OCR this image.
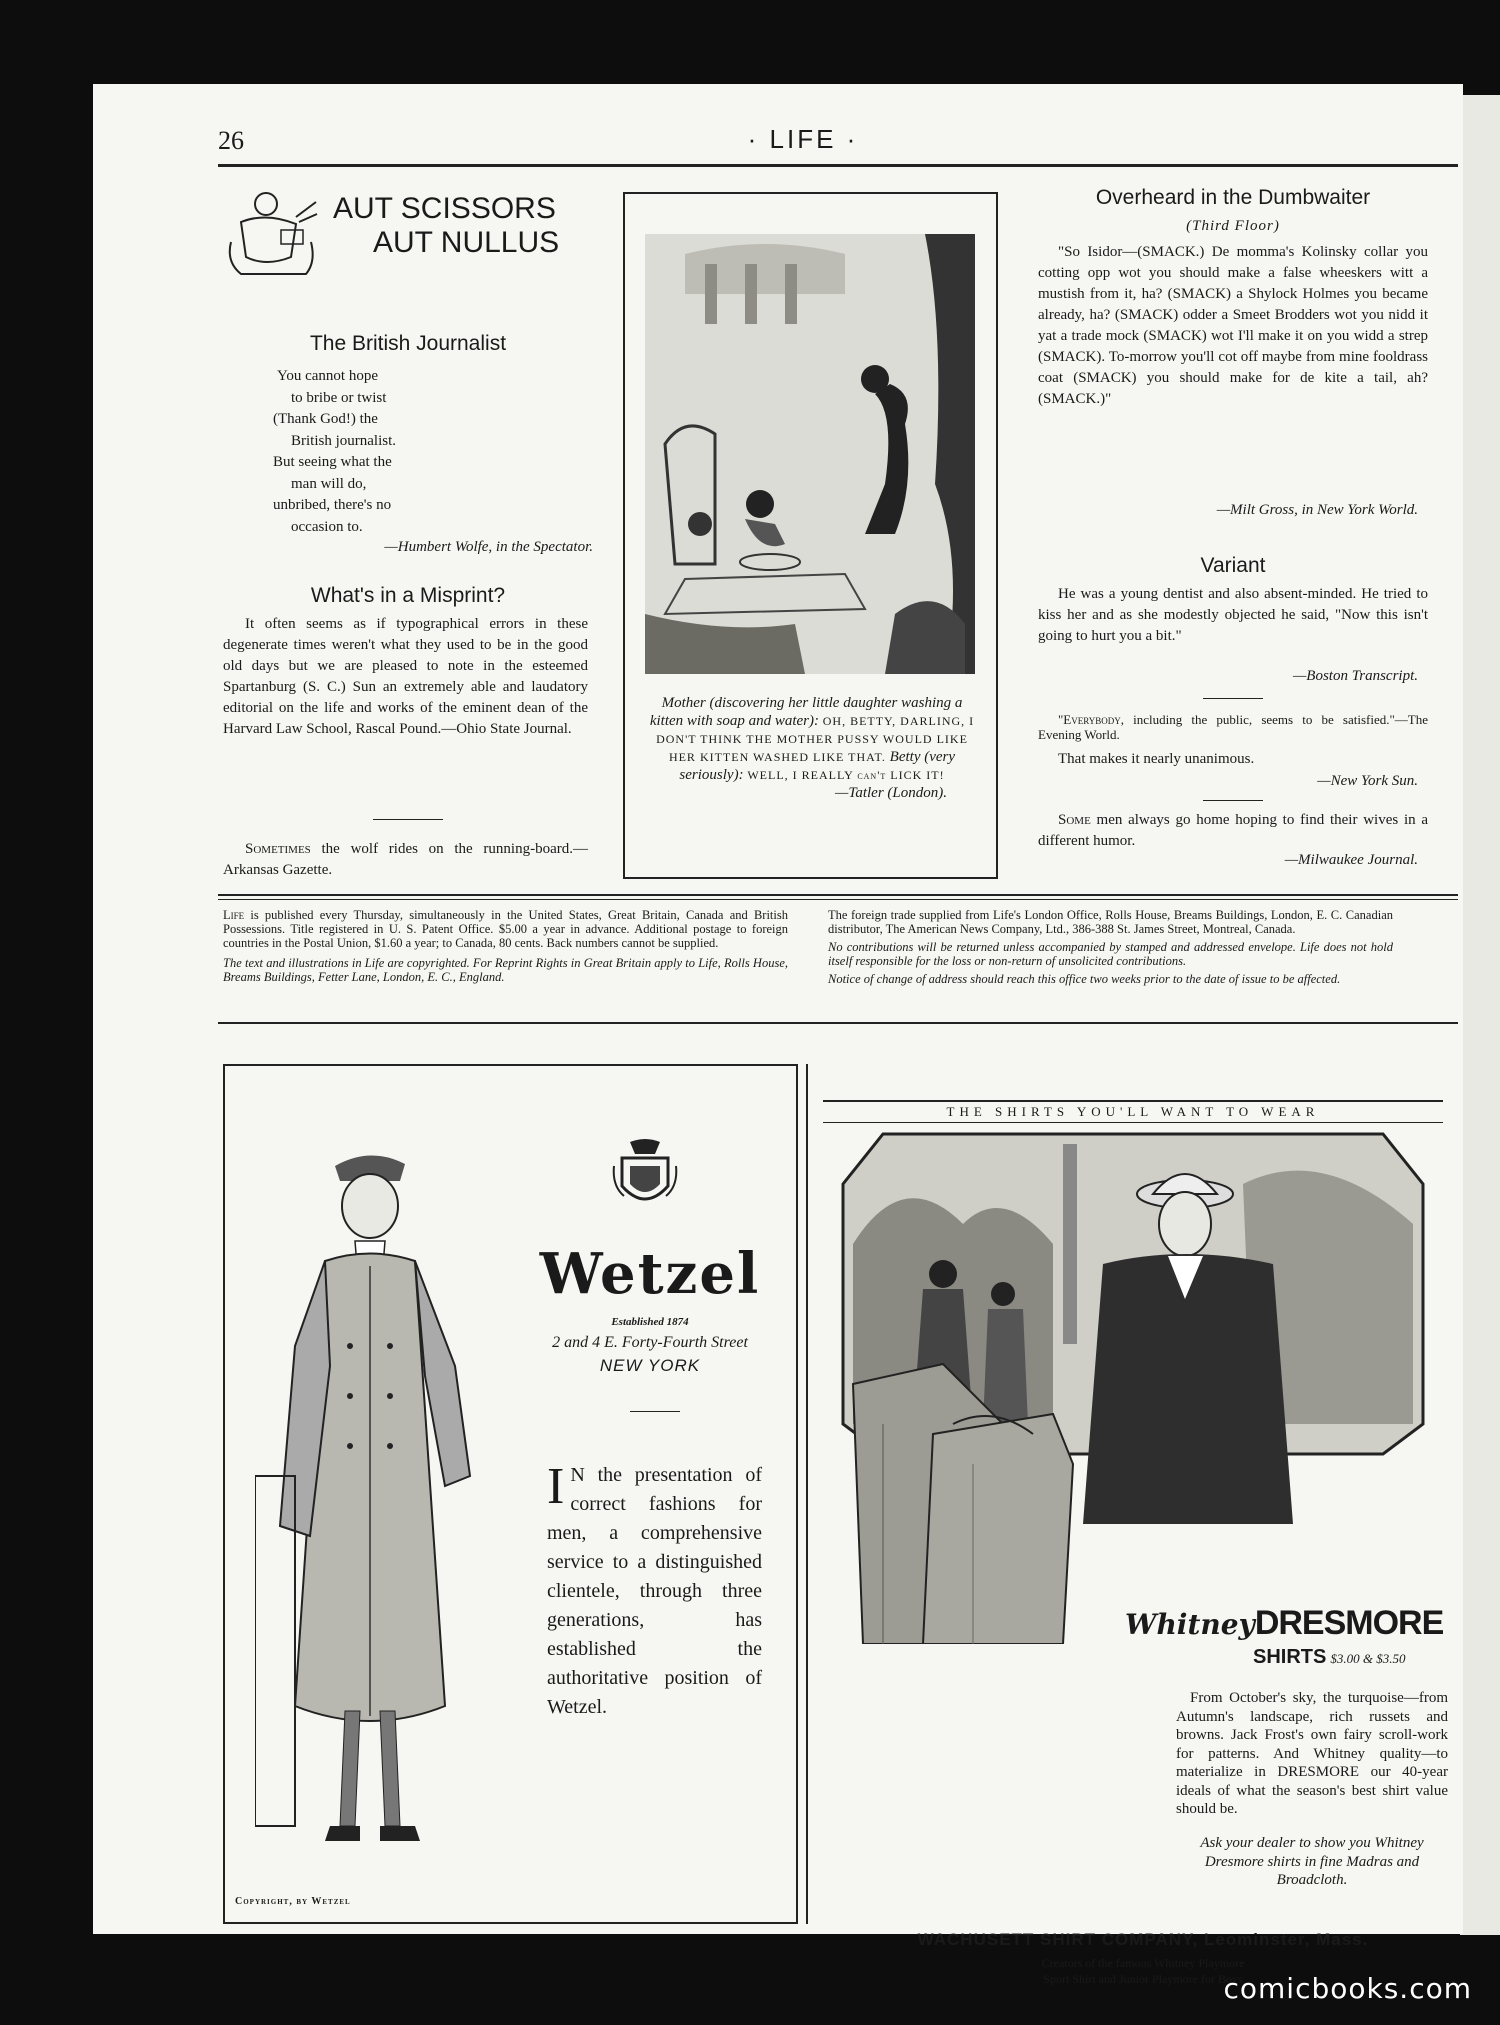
26	· LIFE ·
AUT SCISSORS
AUT NULLUS
The British Journalist
You cannot hope
to bribe or twist
(Thank God!) the
British journalist.
But seeing what the
man will do,
unbribed, there's no
occasion to.
—Humbert Wolfe, in the Spectator.
What's in a Misprint?
It often seems as if typographical errors in these degenerate times weren't what they used to be in the good old days but we are pleased to note in the esteemed Spartanburg (S. C.) Sun an extremely able and laudatory editorial on the life and works of the eminent dean of the Harvard Law School, Rascal Pound.—Ohio State Journal.
Sometimes the wolf rides on the running-board.—Arkansas Gazette.
Mother (discovering her little daughter washing a kitten with soap and water): OH, BETTY, DARLING, I DON'T THINK THE MOTHER PUSSY WOULD LIKE HER KITTEN WASHED LIKE THAT. Betty (very seriously): WELL, I REALLY can't LICK IT!
—Tatler (London).
Overheard in the Dumbwaiter
(Third Floor)
"So Isidor—(SMACK.) De momma's Kolinsky collar you cotting opp wot you should make a false wheeskers witt a mustish from it, ha? (SMACK) a Shylock Holmes you became already, ha? (SMACK) odder a Smeet Brodders wot you nidd it yat a trade mock (SMACK) wot I'll make it on you widd a strep (SMACK). To-morrow you'll cot off maybe from mine fooldrass coat (SMACK) you should make for de kite a tail, ah? (SMACK.)"
—Milt Gross, in New York World.
Variant
He was a young dentist and also absent-minded. He tried to kiss her and as she modestly objected he said, "Now this isn't going to hurt you a bit."
—Boston Transcript.
"Everybody, including the public, seems to be satisfied."—The Evening World.
That makes it nearly unanimous.
—New York Sun.
Some men always go home hoping to find their wives in a different humor.
—Milwaukee Journal.
Life is published every Thursday, simultaneously in the United States, Great Britain, Canada and British Possessions. Title registered in U. S. Patent Office. $5.00 a year in advance. Additional postage to foreign countries in the Postal Union, $1.60 a year; to Canada, 80 cents. Back numbers cannot be supplied.
The text and illustrations in Life are copyrighted. For Reprint Rights in Great Britain apply to Life, Rolls House, Breams Buildings, Fetter Lane, London, E. C., England.
The foreign trade supplied from Life's London Office, Rolls House, Breams Buildings, London, E. C. Canadian distributor, The American News Company, Ltd., 386-388 St. James Street, Montreal, Canada.
No contributions will be returned unless accompanied by stamped and addressed envelope. Life does not hold itself responsible for the loss or non-return of unsolicited contributions.
Notice of change of address should reach this office two weeks prior to the date of issue to be affected.
Wetzel
Established 1874
2 and 4 E. Forty-Fourth Street
NEW YORK
I N the presentation of correct fashions for men, a comprehensive service to a distinguished clientele, through three generations, has established the authoritative position of Wetzel.
Copyright, by Wetzel
THE SHIRTS YOU'LL WANT TO WEAR
WhitneyDRESMORE
SHIRTS $3.00 & $3.50
From October's sky, the turquoise—from Autumn's landscape, rich russets and browns. Jack Frost's own fairy scroll-work for patterns. And Whitney quality—to materialize in DRESMORE our 40-year ideals of what the season's best shirt value should be.
Ask your dealer to show you Whitney Dresmore shirts in fine Madras and Broadcloth.
WACHUSETT SHIRT COMPANY, Leominster, Mass.
Creators of the famous Whitney Playmore
Sport Shirt and Junior Playmore for Boys
comicbooks.com
